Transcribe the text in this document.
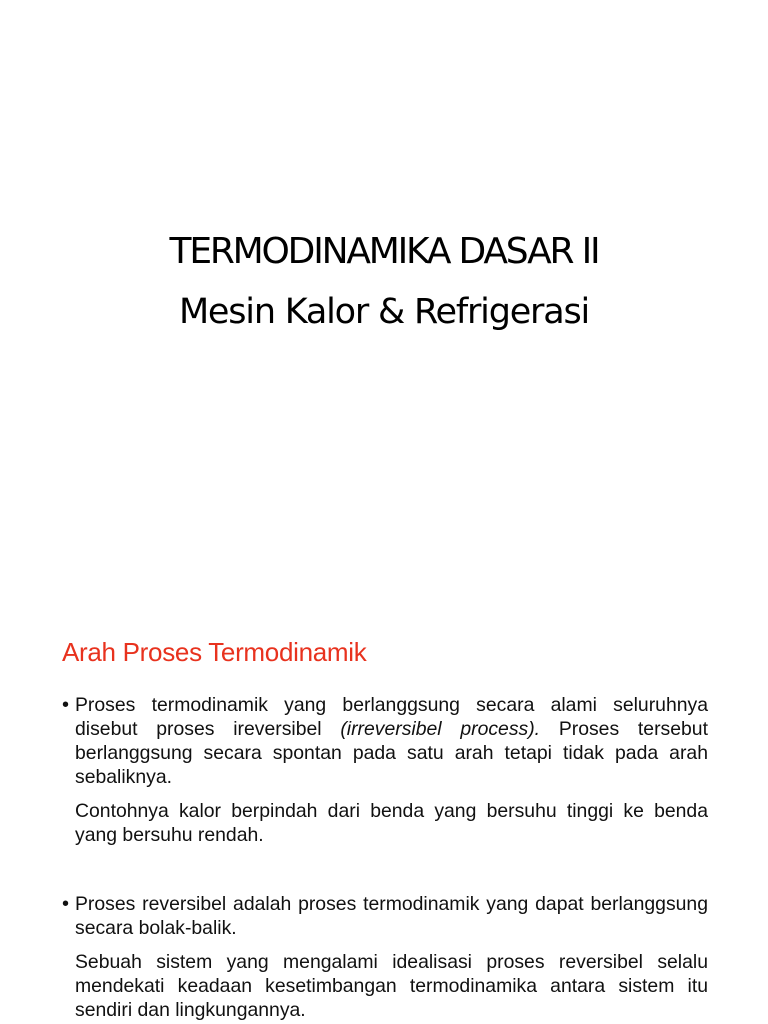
TERMODINAMIKA DASAR II

Mesin Kalor & Refrigerasi

Arah Proses Termodinamik
• Proses termodinamik yang berlanggsung secara alami seluruhnya disebut proses ireversibel (irreversibel process). Proses tersebut berlanggsung secara spontan pada satu arah tetapi tidak pada arah sebaliknya.

Contohnya kalor berpindah dari benda yang bersuhu tinggi ke benda yang bersuhu rendah.

• Proses reversibel adalah proses termodinamik yang dapat berlanggsung secara bolak-balik.

Sebuah sistem yang mengalami idealisasi proses reversibel selalu mendekati keadaan kesetimbangan termodinamika antara sistem itu sendiri dan lingkungannya.
